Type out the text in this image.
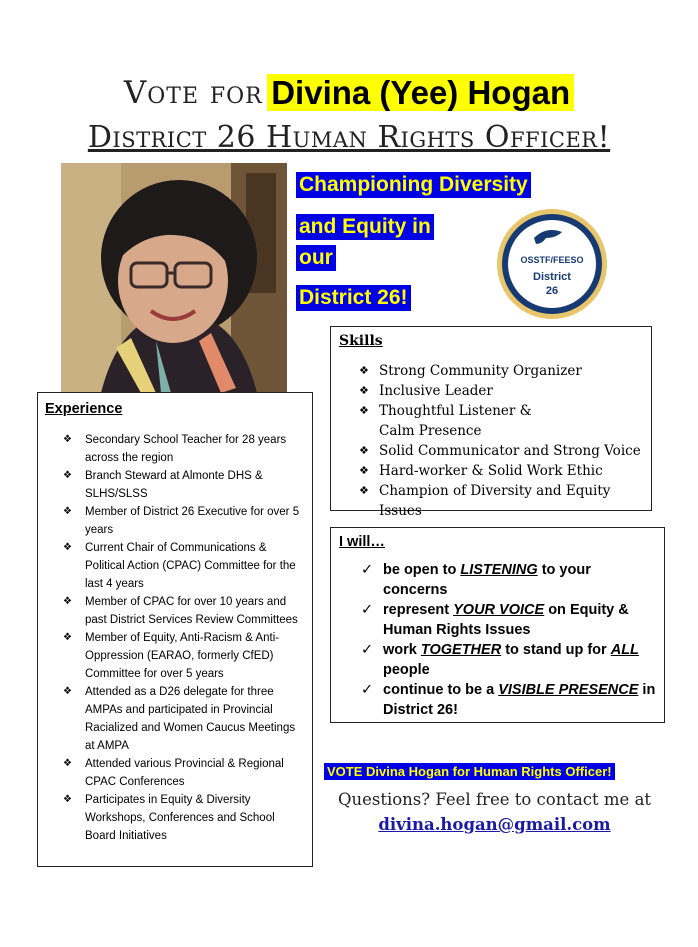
Vote for Divina (Yee) Hogan
District 26 Human Rights Officer!
Championing Diversity
and Equity in
our
District 26!
OSSTF/FEESO
District
26
Skills
❖ Strong Community Organizer
❖ Inclusive Leader
❖ Thoughtful Listener &
Calm Presence
❖ Solid Communicator and Strong Voice
❖ Hard-worker & Solid Work Ethic
❖ Champion of Diversity and Equity Issues
Experience
❖ Secondary School Teacher for 28 years across the region
❖ Branch Steward at Almonte DHS & SLHS/SLSS
❖ Member of District 26 Executive for over 5 years
❖ Current Chair of Communications & Political Action (CPAC) Committee for the last 4 years
❖ Member of CPAC for over 10 years and past District Services Review Committees
❖ Member of Equity, Anti-Racism & Anti-Oppression (EARAO, formerly CfED) Committee for over 5 years
❖ Attended as a D26 delegate for three AMPAs and participated in Provincial Racialized and Women Caucus Meetings at AMPA
❖ Attended various Provincial & Regional CPAC Conferences
❖ Participates in Equity & Diversity Workshops, Conferences and School Board Initiatives
I will…
✓ be open to LISTENING to your concerns
✓ represent YOUR VOICE on Equity & Human Rights Issues
✓ work TOGETHER to stand up for ALL people
✓ continue to be a VISIBLE PRESENCE in District 26!
VOTE Divina Hogan for Human Rights Officer!
Questions? Feel free to contact me at
divina.hogan@gmail.com
